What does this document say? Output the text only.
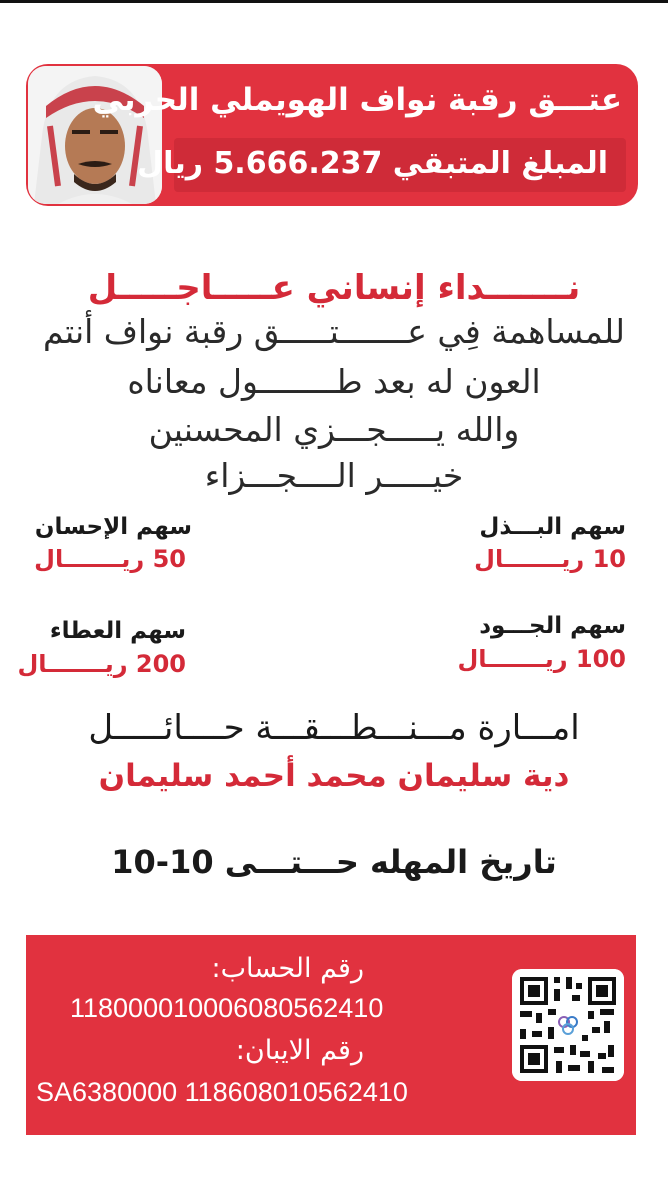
عتـــق رقبة نواف الهويملي الحربي
المبلغ المتبقي 5.666.237 ريال
نـــــــداء إنساني عـــــاجـــــل
للمساهمة فِي عـــــــتـــــق رقبة نواف أنتم
العون له بعد طــــــــول معاناه
والله يـــــجـــزي المحسنين
خيـــــر الــــجـــزاء
سهم البـــذل
10 ريـــــــال
سهم الإحسان
50 ريـــــــال
سهم الجـــود
100 ريـــــــال
سهم العطاء
200 ريـــــــال
امـــارة مـــنـــطـــقـــة حــــائـــــل
دية سليمان محمد أحمد سليمان
تاريخ المهله حـــتـــى 10-10
رقم الحساب:
118000010006080562410
رقم الايبان:
SA6380000 118608010562410
